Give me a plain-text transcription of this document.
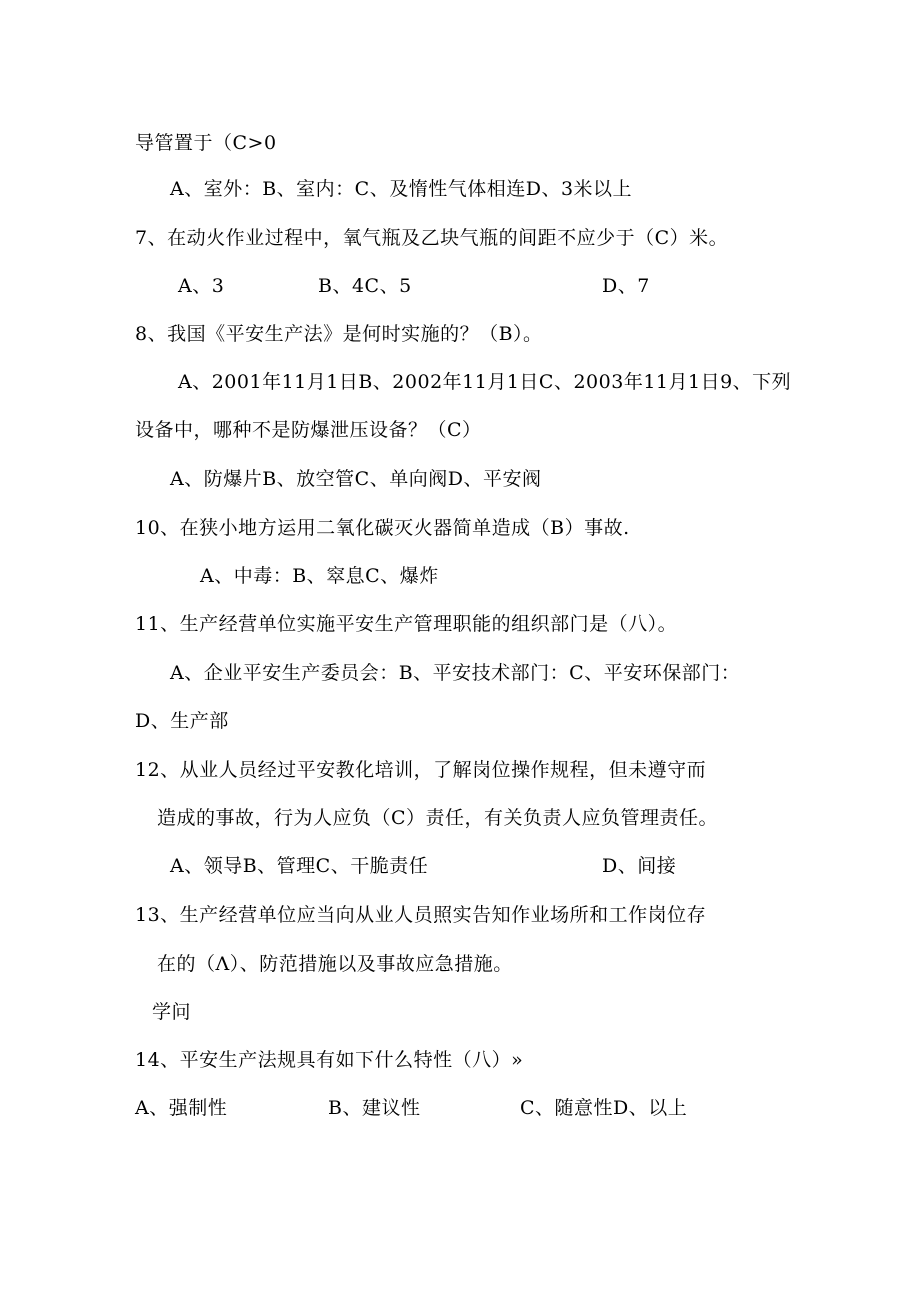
导管置于（C>0
A、室外：B、室内：C、及惰性气体相连D、3米以上
7、在动火作业过程中，氧气瓶及乙块气瓶的间距不应少于（C）米。
A、3	B、4C、5	D、7
8、我国《平安生产法》是何时实施的？（B）。
A、2001年11月1日B、2002年11月1日C、2003年11月1日9、下列
设备中，哪种不是防爆泄压设备？（C）
A、防爆片B、放空管C、单向阀D、平安阀
10、在狭小地方运用二氧化碳灭火器简单造成（B）事故.
A、中毒：B、窣息C、爆炸
11、生产经营单位实施平安生产管理职能的组织部门是（八）。
A、企业平安生产委员会：B、平安技术部门：C、平安环保部门：
D、生产部
12、从业人员经过平安教化培训，了解岗位操作规程，但未遵守而
造成的事故，行为人应负（C）责任，有关负责人应负管理责任。
A、领导B、管理C、干脆责任	D、间接
13、生产经营单位应当向从业人员照实告知作业场所和工作岗位存
在的（Λ）、防范措施以及事故应急措施。
学问
14、平安生产法规具有如下什么特性（八）»
A、强制性	B、建议性	C、随意性D、以上
